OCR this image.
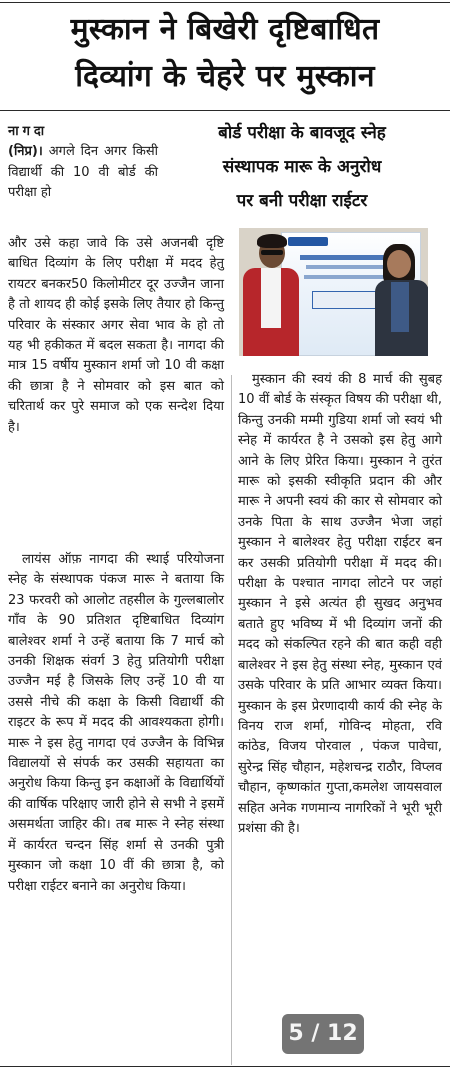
मुस्कान ने बिखेरी दृष्टिबाधित
दिव्यांग के चेहरे पर मुस्कान
बोर्ड परीक्षा के बावजूद स्नेह
संस्थापक मारू के अनुरोध
पर बनी परीक्षा राईटर
नागदा
(निप्र)। अगले दिन अगर किसी विद्यार्थी की 10 वी बोर्ड की परीक्षा हो
और उसे कहा जावे कि उसे अजनबी दृष्टि बाधित दिव्यांग के लिए परीक्षा में मदद हेतु रायटर बनकर50 किलोमीटर दूर उज्जैन जाना है तो शायद ही कोई इसके लिए तैयार हो किन्तु परिवार के संस्कार अगर सेवा भाव के हो तो यह भी हकीकत में बदल सकता है। नागदा की मात्र 15 वर्षीय मुस्कान शर्मा जो 10 वी कक्षा की छात्रा है ने सोमवार को इस बात को चरितार्थ कर पुरे समाज को एक सन्देश दिया है।

लायंस ऑफ़ नागदा की स्थाई परियोजना स्नेह के संस्थापक पंकज मारू ने बताया कि 23 फरवरी को आलोट तहसील के गुल्लबालोर गाँव के 90 प्रतिशत दृष्टिबाधित दिव्यांग बालेश्वर शर्मा ने उन्हें बताया कि 7 मार्च को उनकी शिक्षक संवर्ग 3 हेतु प्रतियोगी परीक्षा उज्जैन मई है जिसके लिए उन्हें 10 वी या उससे नीचे की कक्षा के किसी विद्यार्थी की राइटर के रूप में मदद की आवश्यकता होगी। मारू ने इस हेतु नागदा एवं उज्जैन के विभिन्न विद्यालयों से संपर्क कर उसकी सहायता का अनुरोध किया किन्तु इन कक्षाओं के विद्यार्थियों की वार्षिक परिक्षाए जारी होने से सभी ने इसमें असमर्थता जाहिर की। तब मारू ने स्नेह संस्था में कार्यरत चन्दन सिंह शर्मा से उनकी पुत्री मुस्कान जो कक्षा 10 वीं की छात्रा है, को परीक्षा राईटर बनाने का अनुरोध किया।

मुस्कान की स्वयं की 8 मार्च की सुबह 10 वीं बोर्ड के संस्कृत विषय की परीक्षा थी, किन्तु उनकी मम्मी गुडिया शर्मा जो स्वयं भी स्नेह में कार्यरत है ने उसको इस हेतु आगे आने के लिए प्रेरित किया। मुस्कान ने तुरंत मारू को इसकी स्वीकृति प्रदान की और मारू ने अपनी स्वयं की कार से सोमवार को उनके पिता के साथ उज्जैन भेजा जहां मुस्कान ने बालेश्वर हेतु परीक्षा राईटर बन कर उसकी प्रतियोगी परीक्षा में मदद की। परीक्षा के पश्चात नागदा लोटने पर जहां मुस्कान ने इसे अत्यंत ही सुखद अनुभव बताते हुए भविष्य में भी दिव्यांग जनों की मदद को संकल्पित रहने की बात कही वही बालेश्वर ने इस हेतु संस्था स्नेह, मुस्कान एवं उसके परिवार के प्रति आभार व्यक्त किया। मुस्कान के इस प्रेरणादायी कार्य की स्नेह के विनय राज शर्मा, गोविन्द मोहता, रवि कांठेड, विजय पोरवाल , पंकज पावेचा, सुरेन्द्र सिंह चौहान, महेशचन्द्र राठौर, विप्लव चौहान, कृष्णकांत गुप्ता,कमलेश जायसवाल सहित अनेक गणमान्य नागरिकों ने भूरी भूरी प्रशंसा की है।

5 / 12
